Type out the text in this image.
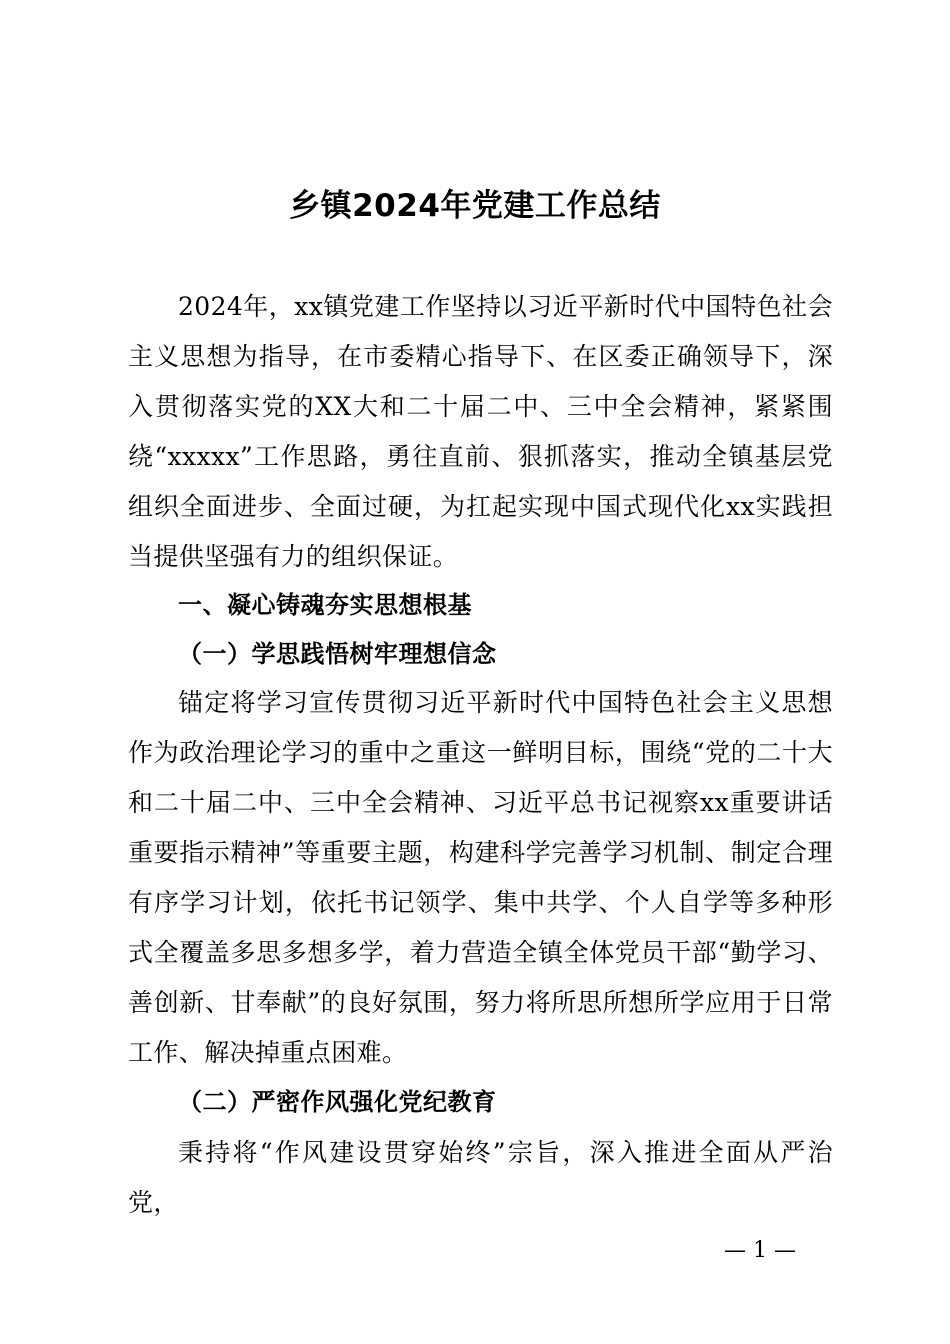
乡镇2024年党建工作总结
2024年，xx镇党建工作坚持以习近平新时代中国特色社会主义思想为指导，在市委精心指导下、在区委正确领导下，深入贯彻落实党的XX大和二十届二中、三中全会精神，紧紧围绕“xxxxx”工作思路，勇往直前、狠抓落实，推动全镇基层党组织全面进步、全面过硬，为扛起实现中国式现代化xx实践担当提供坚强有力的组织保证。
一、凝心铸魂夯实思想根基
（一）学思践悟树牢理想信念
锚定将学习宣传贯彻习近平新时代中国特色社会主义思想作为政治理论学习的重中之重这一鲜明目标，围绕“党的二十大和二十届二中、三中全会精神、习近平总书记视察xx重要讲话重要指示精神”等重要主题，构建科学完善学习机制、制定合理有序学习计划，依托书记领学、集中共学、个人自学等多种形式全覆盖多思多想多学，着力营造全镇全体党员干部“勤学习、善创新、甘奉献”的良好氛围，努力将所思所想所学应用于日常工作、解决掉重点困难。
（二）严密作风强化党纪教育
秉持将“作风建设贯穿始终”宗旨，深入推进全面从严治党，
— 1 —
